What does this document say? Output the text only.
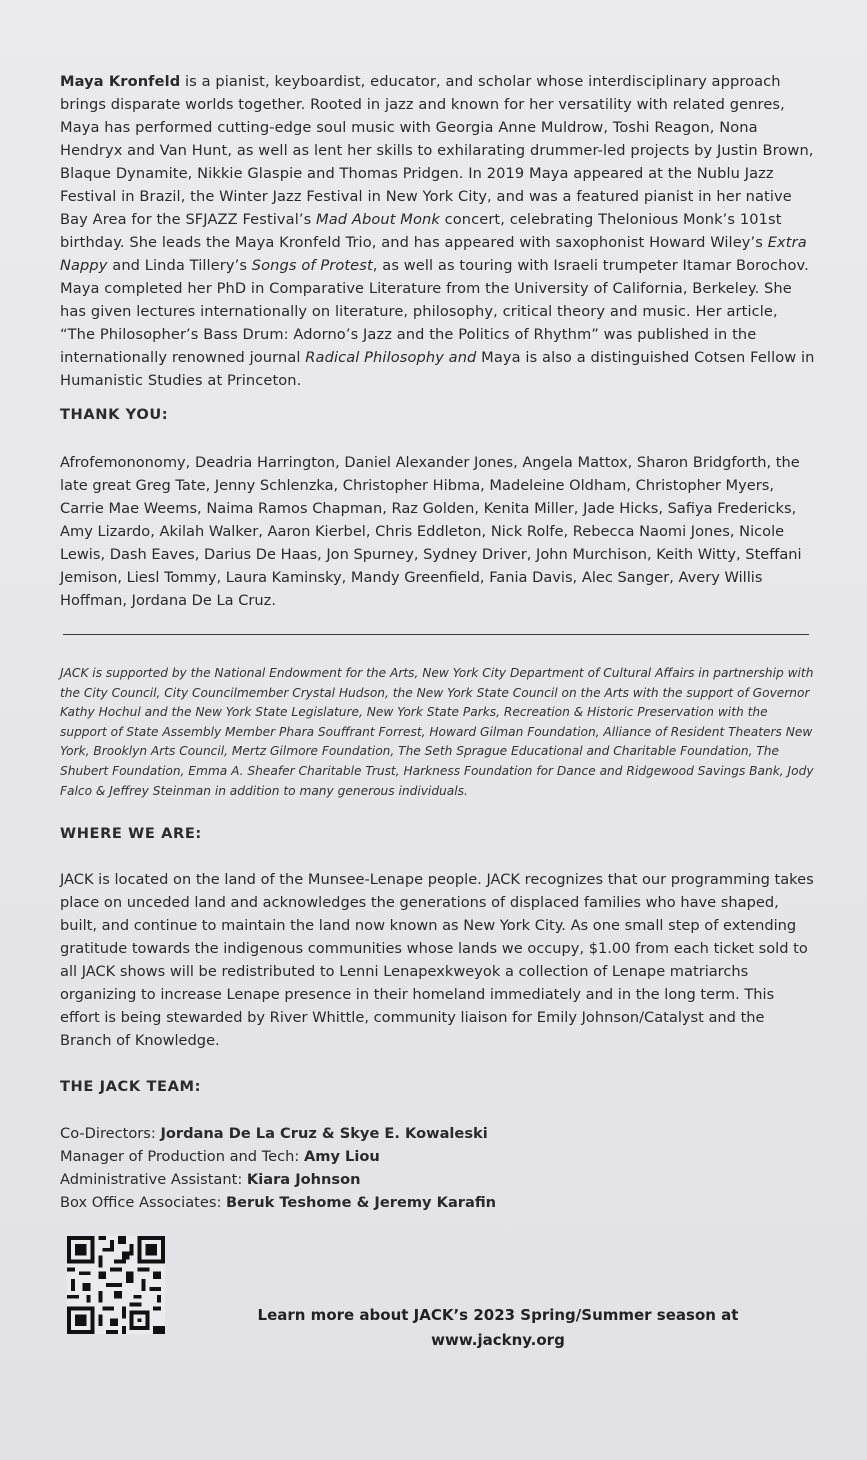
Maya Kronfeld is a pianist, keyboardist, educator, and scholar whose interdisciplinary approach brings disparate worlds together. Rooted in jazz and known for her versatility with related genres, Maya has performed cutting-edge soul music with Georgia Anne Muldrow, Toshi Reagon, Nona Hendryx and Van Hunt, as well as lent her skills to exhilarating drummer-led projects by Justin Brown, Blaque Dynamite, Nikkie Glaspie and Thomas Pridgen. In 2019 Maya appeared at the Nublu Jazz Festival in Brazil, the Winter Jazz Festival in New York City, and was a featured pianist in her native Bay Area for the SFJAZZ Festival’s Mad About Monk concert, celebrating Thelonious Monk’s 101st birthday. She leads the Maya Kronfeld Trio, and has appeared with saxophonist Howard Wiley’s Extra Nappy and Linda Tillery’s Songs of Protest, as well as touring with Israeli trumpeter Itamar Borochov. Maya completed her PhD in Comparative Literature from the University of California, Berkeley. She has given lectures internationally on literature, philosophy, critical theory and music. Her article, “The Philosopher’s Bass Drum: Adorno’s Jazz and the Politics of Rhythm” was published in the internationally renowned journal Radical Philosophy and Maya is also a distinguished Cotsen Fellow in Humanistic Studies at Princeton.
THANK YOU:
Afrofemononomy, Deadria Harrington, Daniel Alexander Jones, Angela Mattox, Sharon Bridgforth, the late great Greg Tate, Jenny Schlenzka, Christopher Hibma, Madeleine Oldham, Christopher Myers, Carrie Mae Weems, Naima Ramos Chapman, Raz Golden, Kenita Miller, Jade Hicks, Safiya Fredericks, Amy Lizardo, Akilah Walker, Aaron Kierbel, Chris Eddleton, Nick Rolfe, Rebecca Naomi Jones, Nicole Lewis, Dash Eaves, Darius De Haas, Jon Spurney, Sydney Driver, John Murchison, Keith Witty, Steffani Jemison, Liesl Tommy, Laura Kaminsky, Mandy Greenfield, Fania Davis, Alec Sanger, Avery Willis Hoffman, Jordana De La Cruz.
JACK is supported by the National Endowment for the Arts, New York City Department of Cultural Affairs in partnership with the City Council, City Councilmember Crystal Hudson, the New York State Council on the Arts with the support of Governor Kathy Hochul and the New York State Legislature, New York State Parks, Recreation & Historic Preservation with the support of State Assembly Member Phara Souffrant Forrest, Howard Gilman Foundation, Alliance of Resident Theaters New York, Brooklyn Arts Council, Mertz Gilmore Foundation, The Seth Sprague Educational and Charitable Foundation, The Shubert Foundation, Emma A. Sheafer Charitable Trust, Harkness Foundation for Dance and Ridgewood Savings Bank, Jody Falco & Jeffrey Steinman in addition to many generous individuals.
WHERE WE ARE:
JACK is located on the land of the Munsee-Lenape people. JACK recognizes that our programming takes place on unceded land and acknowledges the generations of displaced families who have shaped, built, and continue to maintain the land now known as New York City. As one small step of extending gratitude towards the indigenous communities whose lands we occupy, $1.00 from each ticket sold to all JACK shows will be redistributed to Lenni Lenapexkweyok a collection of Lenape matriarchs organizing to increase Lenape presence in their homeland immediately and in the long term. This effort is being stewarded by River Whittle, community liaison for Emily Johnson/Catalyst and the Branch of Knowledge.
THE JACK TEAM:
Co-Directors: Jordana De La Cruz & Skye E. Kowaleski
Manager of Production and Tech: Amy Liou
Administrative Assistant: Kiara Johnson
Box Office Associates: Beruk Teshome & Jeremy Karafin
Learn more about JACK’s 2023 Spring/Summer season at
www.jackny.org
